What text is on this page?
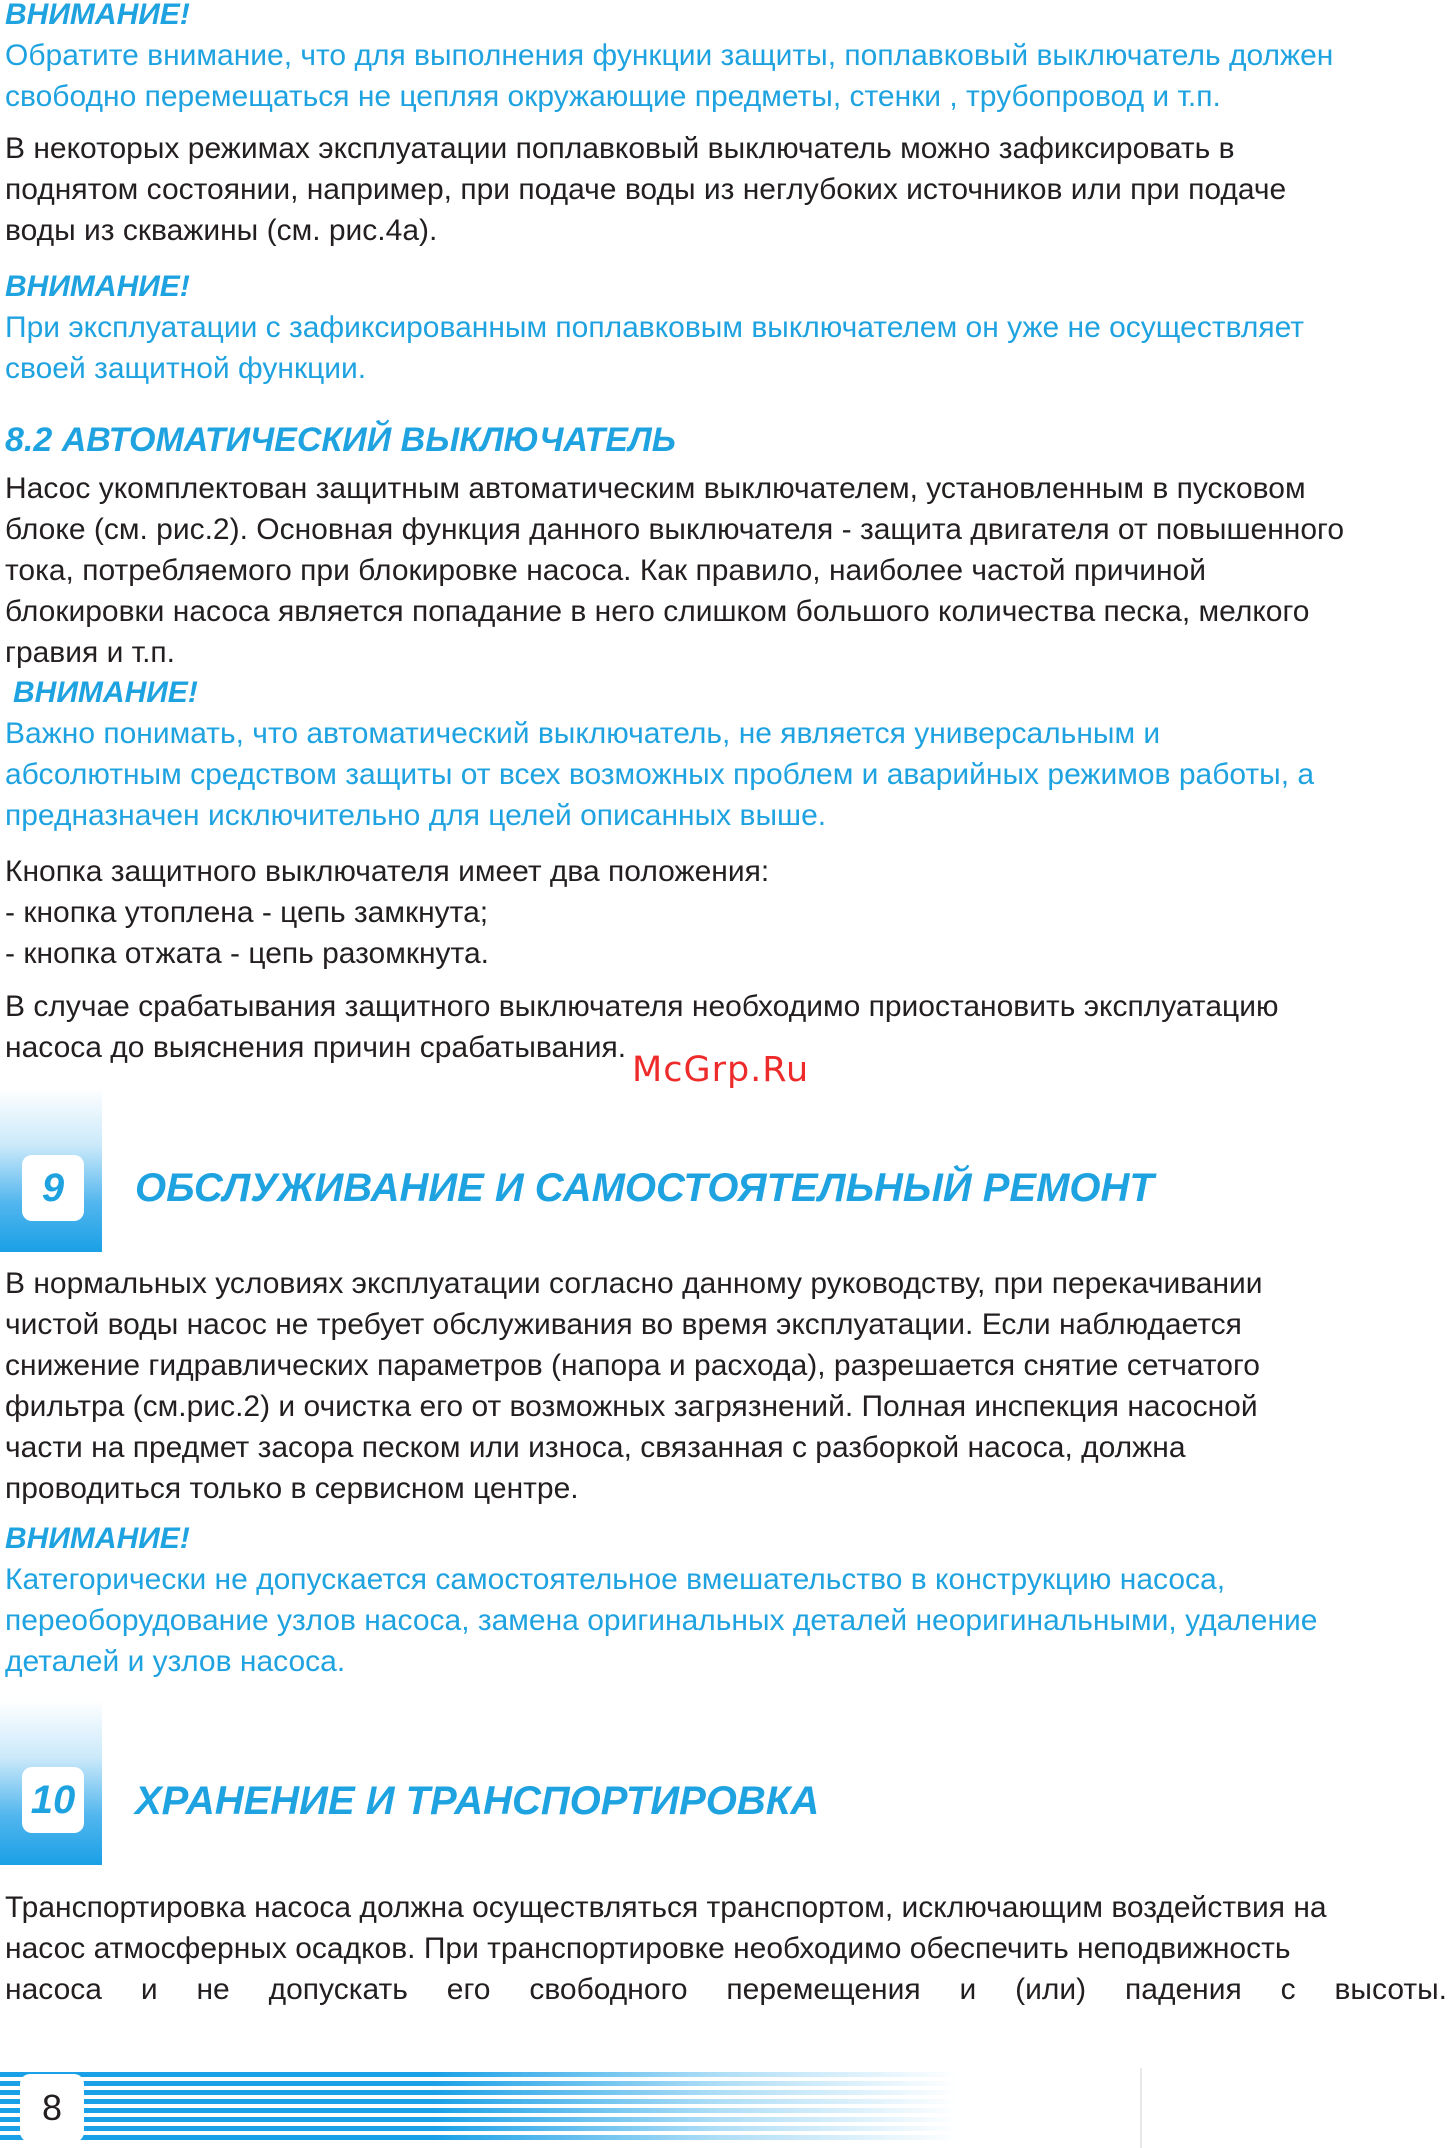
ВНИМАНИЕ!

Обратите внимание, что для выполнения функции защиты, поплавковый выключатель должен
свободно перемещаться не цепляя окружающие предметы, стенки , трубопровод и т.п.

В некоторых режимах эксплуатации поплавковый выключатель можно зафиксировать в
поднятом состоянии, например, при подаче воды из неглубоких источников или при подаче
воды из скважины (см. рис.4а).

ВНИМАНИЕ!

При эксплуатации с зафиксированным поплавковым выключателем он уже не осуществляет
своей защитной функции.

8.2 АВТОМАТИЧЕСКИЙ ВЫКЛЮЧАТЕЛЬ

Насос укомплектован защитным автоматическим выключателем, установленным в пусковом
блоке (см. рис.2). Основная функция данного выключателя - защита двигателя от повышенного
тока, потребляемого при блокировке насоса. Как правило, наиболее частой причиной
блокировки насоса является попадание в него слишком большого количества песка, мелкого
гравия и т.п.

ВНИМАНИЕ!

Важно понимать, что автоматический выключатель, не является универсальным и
абсолютным средством защиты от всех возможных проблем и аварийных режимов работы, а
предназначен исключительно для целей описанных выше.

Кнопка защитного выключателя имеет два положения:
- кнопка утоплена - цепь замкнута;
- кнопка отжата - цепь разомкнута.

В случае срабатывания защитного выключателя необходимо приостановить эксплуатацию
насоса до выяснения причин срабатывания.

McGrp.Ru
9	ОБСЛУЖИВАНИЕ И САМОСТОЯТЕЛЬНЫЙ РЕМОНТ

В нормальных условиях эксплуатации согласно данному руководству, при перекачивании
чистой воды насос не требует обслуживания во время эксплуатации. Если наблюдается
снижение гидравлических параметров (напора и расхода), разрешается снятие сетчатого
фильтра (см.рис.2) и очистка его от возможных загрязнений. Полная инспекция насосной
части на предмет засора песком или износа, связанная с разборкой насоса, должна
проводиться только в сервисном центре.

ВНИМАНИЕ!

Категорически не допускается самостоятельное вмешательство в конструкцию насоса,
переоборудование узлов насоса, замена оригинальных деталей неоригинальными, удаление
деталей и узлов насоса.

10 ХРАНЕНИЕ И ТРАНСПОРТИРОВКА

Транспортировка насоса должна осуществляться транспортом, исключающим воздействия на
насос атмосферных осадков. При транспортировке необходимо обеспечить неподвижность
насоса и не допускать его свободного перемещения и (или) падения с высоты.

8
